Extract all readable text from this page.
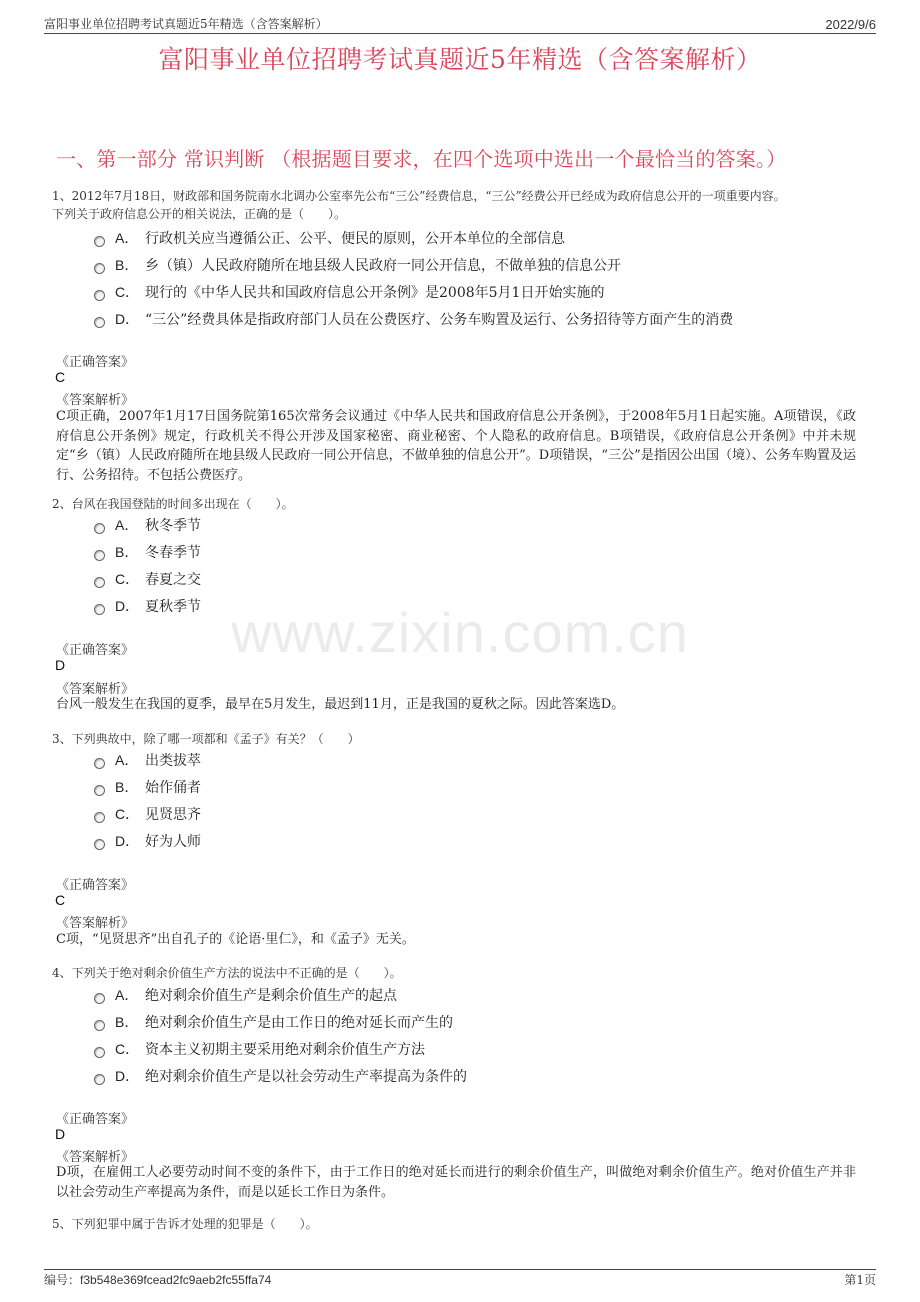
富阳事业单位招聘考试真题近5年精选（含答案解析）	2022/9/6
富阳事业单位招聘考试真题近5年精选（含答案解析）
一、第一部分 常识判断 （根据题目要求，在四个选项中选出一个最恰当的答案。）
www.zixin.com.cn
1、2012年7月18日，财政部和国务院南水北调办公室率先公布“三公”经费信息，“三公”经费公开已经成为政府信息公开的一项重要内容。
下列关于政府信息公开的相关说法，正确的是（　　）。
A． 行政机关应当遵循公正、公平、便民的原则，公开本单位的全部信息
B． 乡（镇）人民政府随所在地县级人民政府一同公开信息，不做单独的信息公开
C． 现行的《中华人民共和国政府信息公开条例》是2008年5月1日开始实施的
D． “三公”经费具体是指政府部门人员在公费医疗、公务车购置及运行、公务招待等方面产生的消费
《正确答案》
C
《答案解析》
C项正确，2007年1月17日国务院第165次常务会议通过《中华人民共和国政府信息公开条例》，于2008年5月1日起实施。A项错误，《政府信息公开条例》规定，行政机关不得公开涉及国家秘密、商业秘密、个人隐私的政府信息。B项错误，《政府信息公开条例》中并未规定“乡（镇）人民政府随所在地县级人民政府一同公开信息，不做单独的信息公开”。D项错误，“三公”是指因公出国（境）、公务车购置及运行、公务招待。不包括公费医疗。
2、台风在我国登陆的时间多出现在（　　）。
A． 秋冬季节
B． 冬春季节
C． 春夏之交
D． 夏秋季节
《正确答案》
D
《答案解析》
台风一般发生在我国的夏季，最早在5月发生，最迟到11月，正是我国的夏秋之际。因此答案选D。
3、下列典故中，除了哪一项都和《孟子》有关？（　　）
A． 出类拔萃
B． 始作俑者
C． 见贤思齐
D． 好为人师
《正确答案》
C
《答案解析》
C项，“见贤思齐”出自孔子的《论语·里仁》，和《孟子》无关。
4、下列关于绝对剩余价值生产方法的说法中不正确的是（　　）。
A． 绝对剩余价值生产是剩余价值生产的起点
B． 绝对剩余价值生产是由工作日的绝对延长而产生的
C． 资本主义初期主要采用绝对剩余价值生产方法
D． 绝对剩余价值生产是以社会劳动生产率提高为条件的
《正确答案》
D
《答案解析》
D项，在雇佣工人必要劳动时间不变的条件下，由于工作日的绝对延长而进行的剩余价值生产，叫做绝对剩余价值生产。绝对价值生产并非以社会劳动生产率提高为条件，而是以延长工作日为条件。
5、下列犯罪中属于告诉才处理的犯罪是（　　）。
编号：f3b548e369fcead2fc9aeb2fc55ffa74	第1页
